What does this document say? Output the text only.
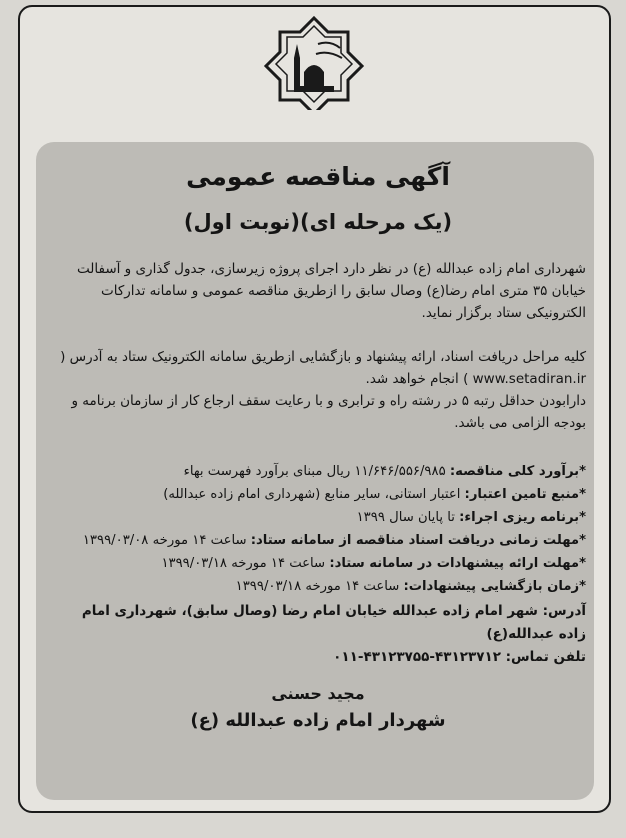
آگهی مناقصه عمومی
(یک مرحله ای)(نوبت اول)

شهرداری امام زاده عبدالله (ع) در نظر دارد اجرای پروژه زیرسازی، جدول گذاری و آسفالت خیابان ۳۵ متری امام رضا(ع) وصال سابق را ازطریق مناقصه عمومی و سامانه تدارکات الکترونیکی ستاد برگزار نماید.

کلیه مراحل دریافت اسناد، ارائه پیشنهاد و بازگشایی ازطریق سامانه الکترونیک ستاد به آدرس ( www.setadiran.ir ) انجام خواهد شد.

دارابودن حداقل رتبه ۵ در رشته راه و ترابری و با رعایت سقف ارجاع کار از سازمان برنامه و بودجه الزامی می باشد.

*برآورد کلی مناقصه: ۱۱/۶۴۶/۵۵۶/۹۸۵ ریال مبنای برآورد فهرست بهاء

*منبع تامین اعتبار: اعتبار استانی، سایر منابع (شهرداری امام زاده عبدالله)

*برنامه ریزی اجراء: تا پایان سال ۱۳۹۹

*مهلت زمانی دریافت اسناد مناقصه از سامانه ستاد: ساعت ۱۴ مورخه ۱۳۹۹/۰۳/۰۸

*مهلت ارائه پیشنهادات در سامانه ستاد: ساعت ۱۴ مورخه ۱۳۹۹/۰۳/۱۸

*زمان بازگشایی پیشنهادات: ساعت ۱۴ مورخه ۱۳۹۹/۰۳/۱۸

آدرس: شهر امام زاده عبدالله خیابان امام رضا (وصال سابق)، شهرداری امام زاده عبدالله(ع)

تلفن تماس: ۴۳۱۲۳۷۱۲-۴۳۱۲۳۷۵۵-۰۱۱

مجید حسنی

شهردار امام زاده عبدالله (ع)
